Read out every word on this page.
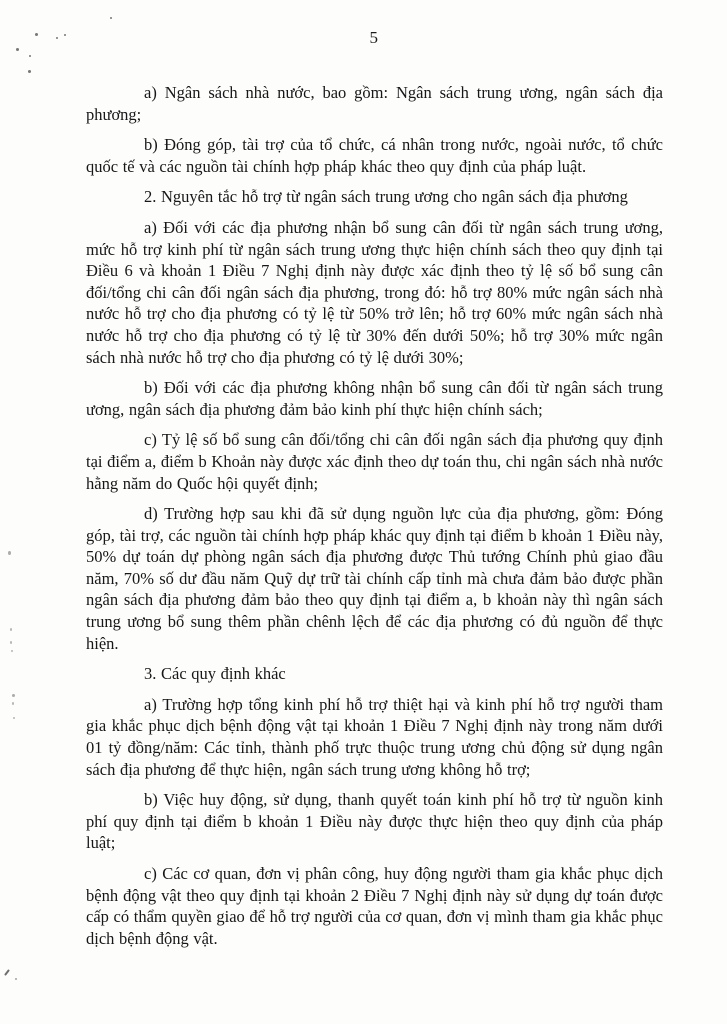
5

a) Ngân sách nhà nước, bao gồm: Ngân sách trung ương, ngân sách địa phương;

b) Đóng góp, tài trợ của tổ chức, cá nhân trong nước, ngoài nước, tổ chức quốc tế và các nguồn tài chính hợp pháp khác theo quy định của pháp luật.

2. Nguyên tắc hỗ trợ từ ngân sách trung ương cho ngân sách địa phương

a) Đối với các địa phương nhận bổ sung cân đối từ ngân sách trung ương, mức hỗ trợ kinh phí từ ngân sách trung ương thực hiện chính sách theo quy định tại Điều 6 và khoản 1 Điều 7 Nghị định này được xác định theo tỷ lệ số bổ sung cân đối/tổng chi cân đối ngân sách địa phương, trong đó: hỗ trợ 80% mức ngân sách nhà nước hỗ trợ cho địa phương có tỷ lệ từ 50% trở lên; hỗ trợ 60% mức ngân sách nhà nước hỗ trợ cho địa phương có tỷ lệ từ 30% đến dưới 50%; hỗ trợ 30% mức ngân sách nhà nước hỗ trợ cho địa phương có tỷ lệ dưới 30%;

b) Đối với các địa phương không nhận bổ sung cân đối từ ngân sách trung ương, ngân sách địa phương đảm bảo kinh phí thực hiện chính sách;

c) Tỷ lệ số bổ sung cân đối/tổng chi cân đối ngân sách địa phương quy định tại điểm a, điểm b Khoản này được xác định theo dự toán thu, chi ngân sách nhà nước hằng năm do Quốc hội quyết định;

d) Trường hợp sau khi đã sử dụng nguồn lực của địa phương, gồm: Đóng góp, tài trợ, các nguồn tài chính hợp pháp khác quy định tại điểm b khoản 1 Điều này, 50% dự toán dự phòng ngân sách địa phương được Thủ tướng Chính phủ giao đầu năm, 70% số dư đầu năm Quỹ dự trữ tài chính cấp tỉnh mà chưa đảm bảo được phần ngân sách địa phương đảm bảo theo quy định tại điểm a, b khoản này thì ngân sách trung ương bổ sung thêm phần chênh lệch để các địa phương có đủ nguồn để thực hiện.

3. Các quy định khác

a) Trường hợp tổng kinh phí hỗ trợ thiệt hại và kinh phí hỗ trợ người tham gia khắc phục dịch bệnh động vật tại khoản 1 Điều 7 Nghị định này trong năm dưới 01 tỷ đồng/năm: Các tỉnh, thành phố trực thuộc trung ương chủ động sử dụng ngân sách địa phương để thực hiện, ngân sách trung ương không hỗ trợ;

b) Việc huy động, sử dụng, thanh quyết toán kinh phí hỗ trợ từ nguồn kinh phí quy định tại điểm b khoản 1 Điều này được thực hiện theo quy định của pháp luật;

c) Các cơ quan, đơn vị phân công, huy động người tham gia khắc phục dịch bệnh động vật theo quy định tại khoản 2 Điều 7 Nghị định này sử dụng dự toán được cấp có thẩm quyền giao để hỗ trợ người của cơ quan, đơn vị mình tham gia khắc phục dịch bệnh động vật.
